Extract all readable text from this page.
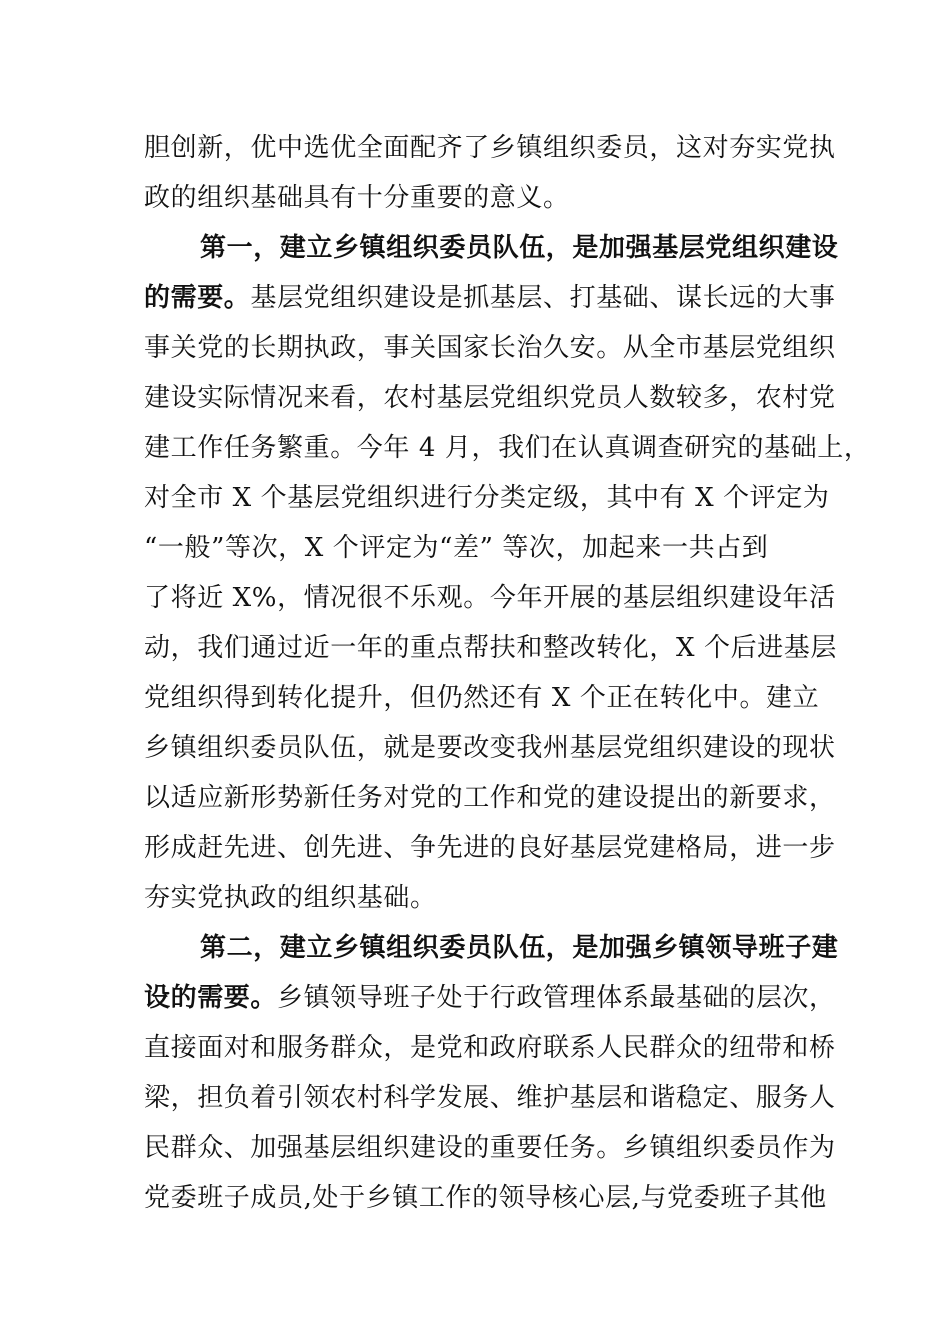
胆创新，优中选优全面配齐了乡镇组织委员，这对夯实党执
政的组织基础具有十分重要的意义。
第一，建立乡镇组织委员队伍，是加强基层党组织建设
的需要。基层党组织建设是抓基层、打基础、谋长远的大事
事关党的长期执政，事关国家长治久安。从全市基层党组织
建设实际情况来看，农村基层党组织党员人数较多，农村党
建工作任务繁重。今年 4 月，我们在认真调查研究的基础上，
对全市 X 个基层党组织进行分类定级，其中有 X 个评定为
“一般”等次，X 个评定为“差” 等次，加起来一共占到
了将近 X%，情况很不乐观。今年开展的基层组织建设年活
动，我们通过近一年的重点帮扶和整改转化，X 个后进基层
党组织得到转化提升，但仍然还有 X 个正在转化中。建立
乡镇组织委员队伍，就是要改变我州基层党组织建设的现状
以适应新形势新任务对党的工作和党的建设提出的新要求，
形成赶先进、创先进、争先进的良好基层党建格局，进一步
夯实党执政的组织基础。
第二，建立乡镇组织委员队伍，是加强乡镇领导班子建
设的需要。乡镇领导班子处于行政管理体系最基础的层次，
直接面对和服务群众，是党和政府联系人民群众的纽带和桥
梁，担负着引领农村科学发展、维护基层和谐稳定、服务人
民群众、加强基层组织建设的重要任务。乡镇组织委员作为
党委班子成员,处于乡镇工作的领导核心层,与党委班子其他
